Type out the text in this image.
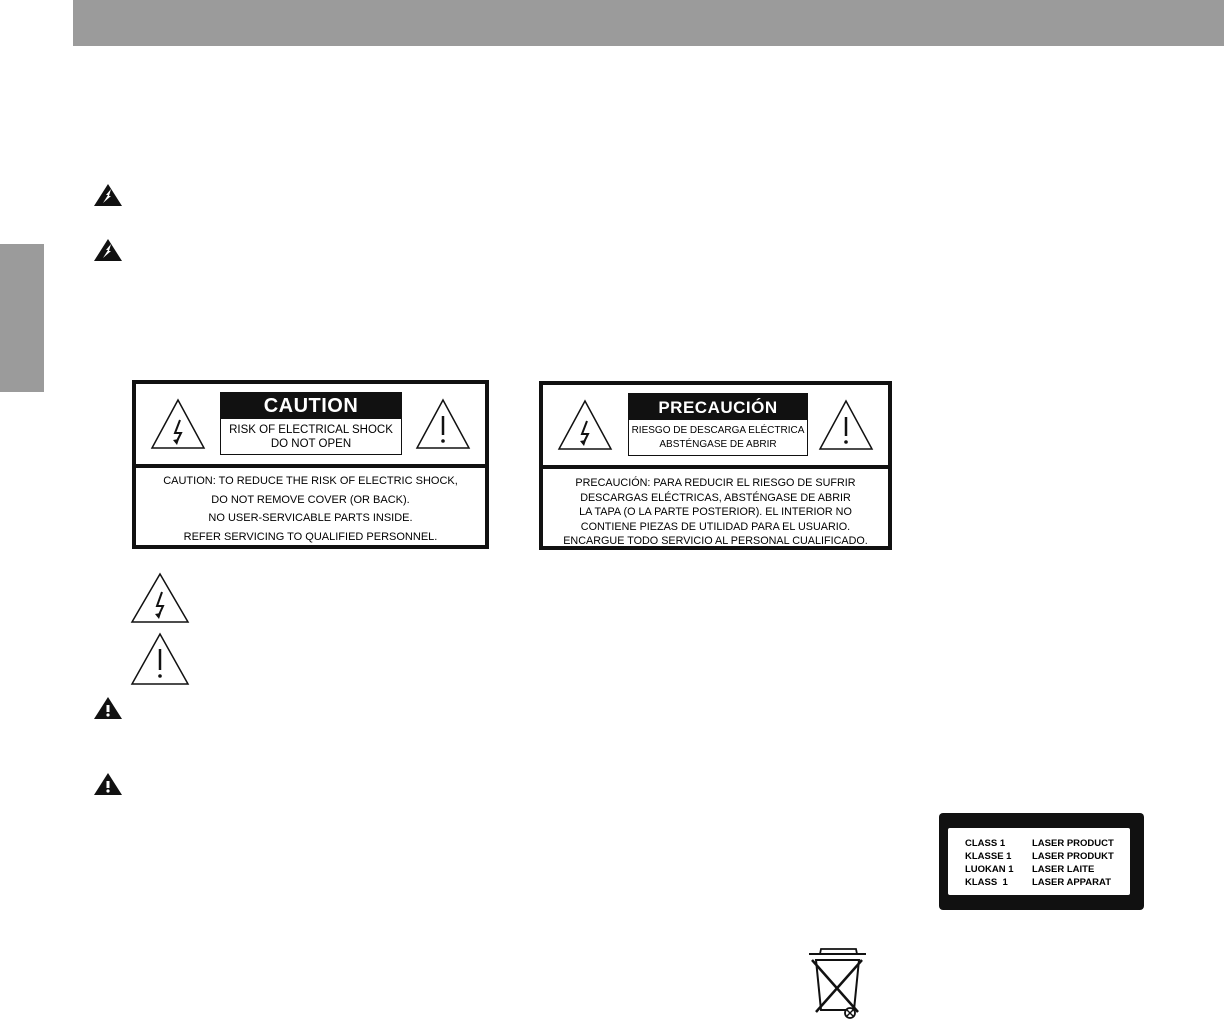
CAUTION
RISK OF ELECTRICAL SHOCK
DO NOT OPEN
CAUTION: TO REDUCE THE RISK OF ELECTRIC SHOCK,
DO NOT REMOVE COVER (OR BACK).
NO USER-SERVICABLE PARTS INSIDE.
REFER SERVICING TO QUALIFIED PERSONNEL.
PRECAUCIÓN
RIESGO DE DESCARGA ELÉCTRICA
ABSTÉNGASE DE ABRIR
PRECAUCIÓN: PARA REDUCIR EL RIESGO DE SUFRIR
DESCARGAS ELÉCTRICAS, ABSTÉNGASE DE ABRIR
LA TAPA (O LA PARTE POSTERIOR). EL INTERIOR NO
CONTIENE PIEZAS DE UTILIDAD PARA EL USUARIO.
ENCARGUE TODO SERVICIO AL PERSONAL CUALIFICADO.
CLASS 1	LASER PRODUCT
KLASSE 1 LASER PRODUKT
LUOKAN 1 LASER LAITE
KLASS  1	LASER APPARAT
